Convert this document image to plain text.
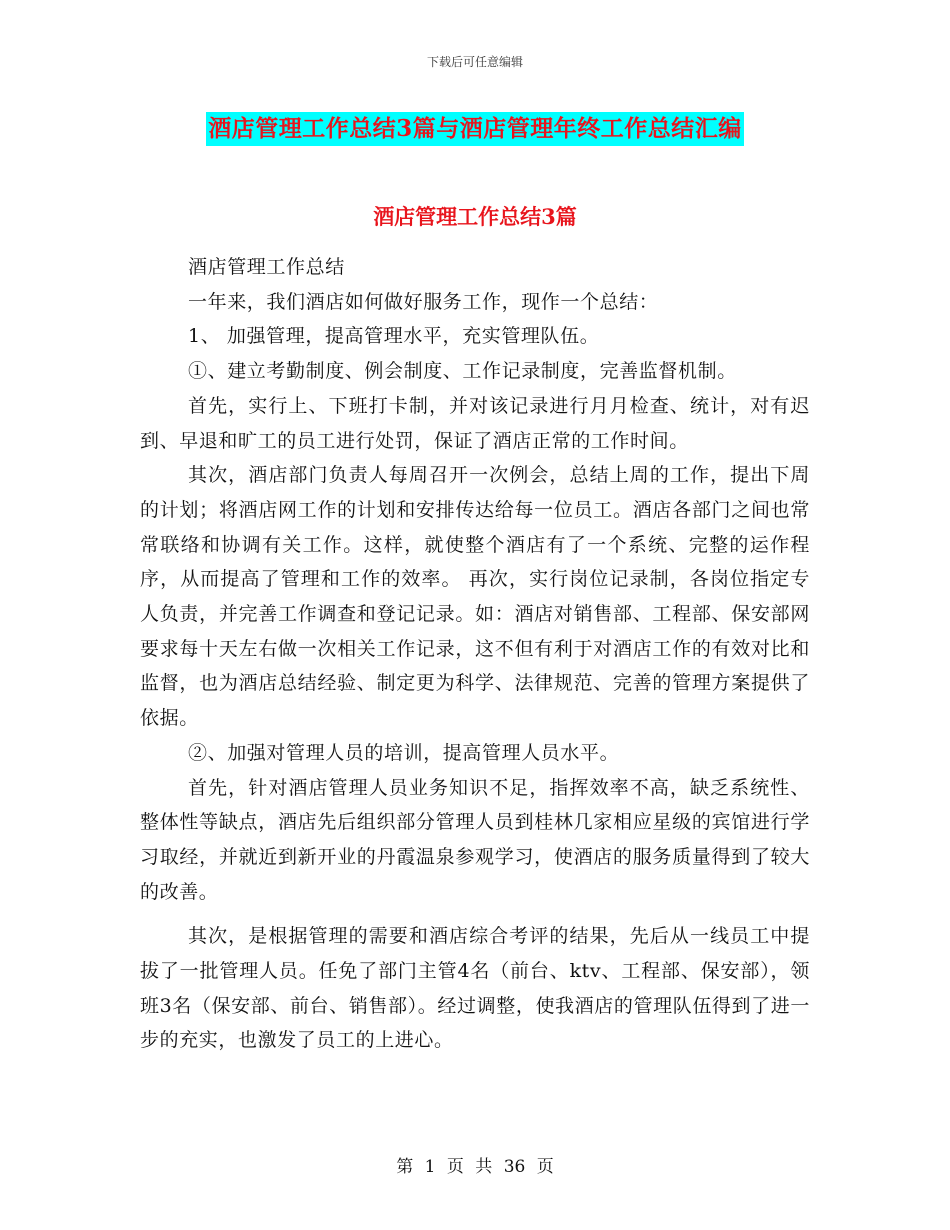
下载后可任意编辑
酒店管理工作总结3篇与酒店管理年终工作总结汇编
酒店管理工作总结3篇

酒店管理工作总结

一年来，我们酒店如何做好服务工作，现作一个总结：

1、 加强管理，提高管理水平，充实管理队伍。

①、建立考勤制度、例会制度、工作记录制度，完善监督机制。

首先，实行上、下班打卡制，并对该记录进行月月检查、统计，对有迟到、早退和旷工的员工进行处罚，保证了酒店正常的工作时间。

其次，酒店部门负责人每周召开一次例会，总结上周的工作，提出下周的计划；将酒店网工作的计划和安排传达给每一位员工。酒店各部门之间也常常联络和协调有关工作。这样，就使整个酒店有了一个系统、完整的运作程序，从而提高了管理和工作的效率。 再次，实行岗位记录制，各岗位指定专人负责，并完善工作调查和登记记录。如：酒店对销售部、工程部、保安部网要求每十天左右做一次相关工作记录，这不但有利于对酒店工作的有效对比和监督，也为酒店总结经验、制定更为科学、法律规范、完善的管理方案提供了依据。

②、加强对管理人员的培训，提高管理人员水平。

首先，针对酒店管理人员业务知识不足，指挥效率不高，缺乏系统性、整体性等缺点，酒店先后组织部分管理人员到桂林几家相应星级的宾馆进行学习取经，并就近到新开业的丹霞温泉参观学习，使酒店的服务质量得到了较大的改善。

其次，是根据管理的需要和酒店综合考评的结果，先后从一线员工中提拔了一批管理人员。任免了部门主管4名（前台、ktv、工程部、保安部），领班3名（保安部、前台、销售部）。经过调整，使我酒店的管理队伍得到了进一步的充实，也激发了员工的上进心。

第 1 页 共 36 页
